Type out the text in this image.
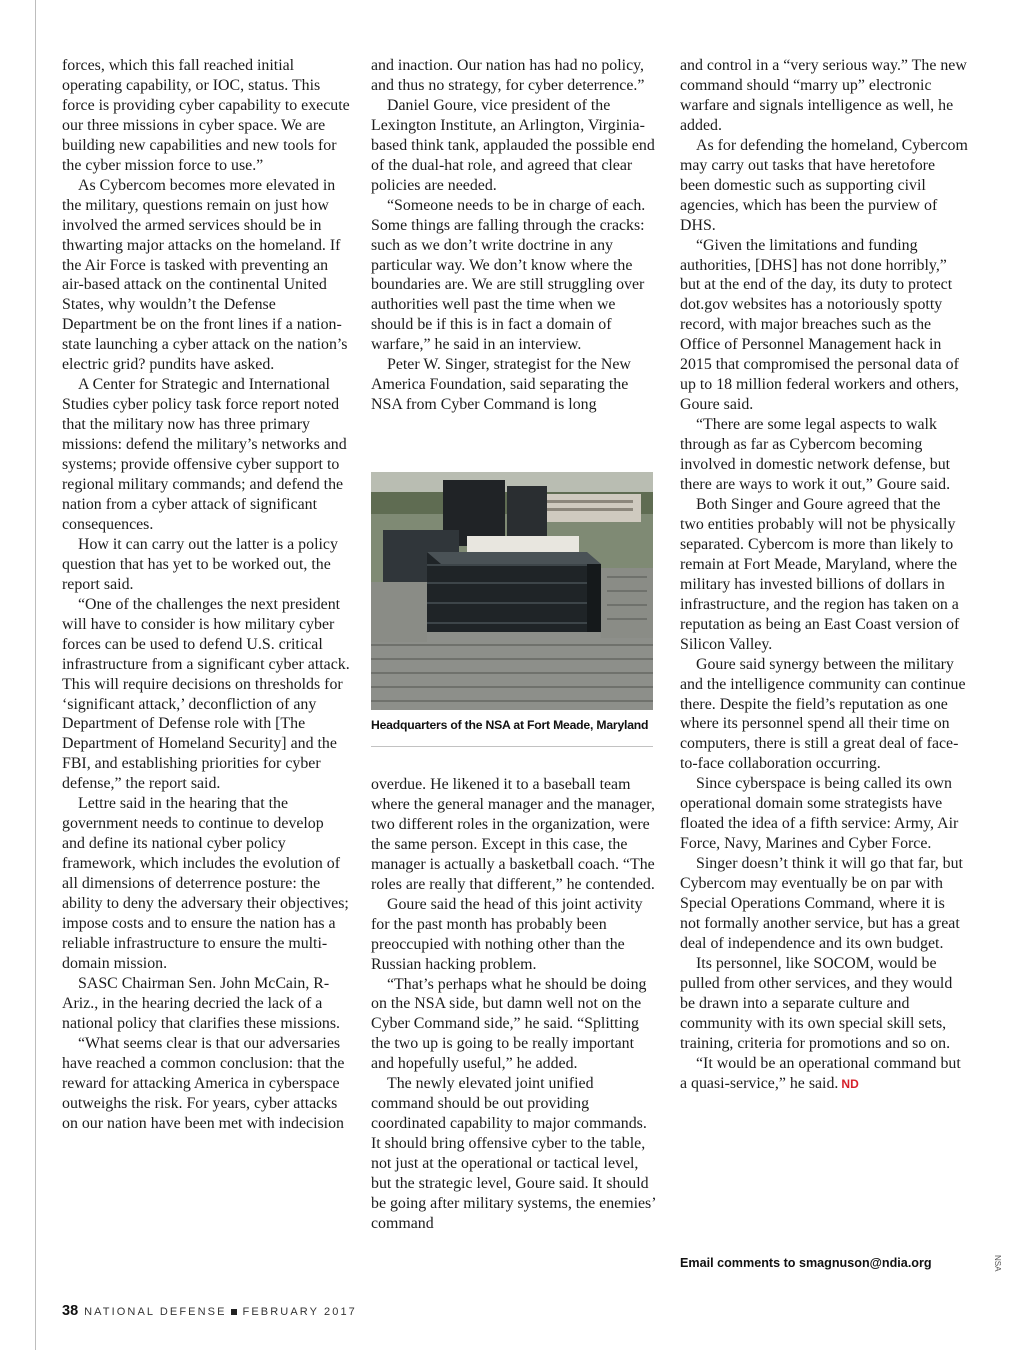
forces, which this fall reached initial operating capability, or IOC, status. This force is providing cyber capability to execute our three missions in cyber space. We are building new capabilities and new tools for the cyber mission force to use.”

As Cybercom becomes more elevated in the military, questions remain on just how involved the armed services should be in thwarting major attacks on the homeland. If the Air Force is tasked with preventing an air-based attack on the continental United States, why wouldn’t the Defense Department be on the front lines if a nation-state launching a cyber attack on the nation’s electric grid? pundits have asked.

A Center for Strategic and International Studies cyber policy task force report noted that the military now has three primary missions: defend the military’s networks and systems; provide offensive cyber support to regional military commands; and defend the nation from a cyber attack of significant consequences.

How it can carry out the latter is a policy question that has yet to be worked out, the report said.

“One of the challenges the next president will have to consider is how military cyber forces can be used to defend U.S. critical infrastructure from a significant cyber attack. This will require decisions on thresholds for ‘significant attack,’ deconfliction of any Department of Defense role with [The Department of Homeland Security] and the FBI, and establishing priorities for cyber defense,” the report said.

Lettre said in the hearing that the government needs to continue to develop and define its national cyber policy framework, which includes the evolution of all dimensions of deterrence posture: the ability to deny the adversary their objectives; impose costs and to ensure the nation has a reliable infrastructure to ensure the multi-domain mission.

SASC Chairman Sen. John McCain, R-Ariz., in the hearing decried the lack of a national policy that clarifies these missions.

“What seems clear is that our adversaries have reached a common conclusion: that the reward for attacking America in cyberspace outweighs the risk. For years, cyber attacks on our nation have been met with indecision

and inaction. Our nation has had no policy, and thus no strategy, for cyber deterrence.”

Daniel Goure, vice president of the Lexington Institute, an Arlington, Virginia-based think tank, applauded the possible end of the dual-hat role, and agreed that clear policies are needed.

“Someone needs to be in charge of each. Some things are falling through the cracks: such as we don’t write doctrine in any particular way. We don’t know where the boundaries are. We are still struggling over authorities well past the time when we should be if this is in fact a domain of warfare,” he said in an interview.

Peter W. Singer, strategist for the New America Foundation, said separating the NSA from Cyber Command is long

Headquarters of the NSA at Fort Meade, Maryland

overdue. He likened it to a baseball team where the general manager and the manager, two different roles in the organization, were the same person. Except in this case, the manager is actually a basketball coach. “The roles are really that different,” he contended.

Goure said the head of this joint activity for the past month has probably been preoccupied with nothing other than the Russian hacking problem.

“That’s perhaps what he should be doing on the NSA side, but damn well not on the Cyber Command side,” he said. “Splitting the two up is going to be really important and hopefully useful,” he added.

The newly elevated joint unified command should be out providing coordinated capability to major commands. It should bring offensive cyber to the table, not just at the operational or tactical level, but the strategic level, Goure said. It should be going after military systems, the enemies’ command

and control in a “very serious way.” The new command should “marry up” electronic warfare and signals intelligence as well, he added.

As for defending the homeland, Cybercom may carry out tasks that have heretofore been domestic such as supporting civil agencies, which has been the purview of DHS.

“Given the limitations and funding authorities, [DHS] has not done horribly,” but at the end of the day, its duty to protect dot.gov websites has a notoriously spotty record, with major breaches such as the Office of Personnel Management hack in 2015 that compromised the personal data of up to 18 million federal workers and others, Goure said.

“There are some legal aspects to walk through as far as Cybercom becoming involved in domestic network defense, but there are ways to work it out,” Goure said.

Both Singer and Goure agreed that the two entities probably will not be physically separated. Cybercom is more than likely to remain at Fort Meade, Maryland, where the military has invested billions of dollars in infrastructure, and the region has taken on a reputation as being an East Coast version of Silicon Valley.

Goure said synergy between the military and the intelligence community can continue there. Despite the field’s reputation as one where its personnel spend all their time on computers, there is still a great deal of face-to-face collaboration occurring.

Since cyberspace is being called its own operational domain some strategists have floated the idea of a fifth service: Army, Air Force, Navy, Marines and Cyber Force.

Singer doesn’t think it will go that far, but Cybercom may eventually be on par with Special Operations Command, where it is not formally another service, but has a great deal of independence and its own budget.

Its personnel, like SOCOM, would be pulled from other services, and they would be drawn into a separate culture and community with its own special skill sets, training, criteria for promotions and so on.

“It would be an operational command but a quasi-service,” he said. ND

Email comments to smagnuson@ndia.org	NSA
38 NATIONAL DEFENSE FEBRUARY 2017
